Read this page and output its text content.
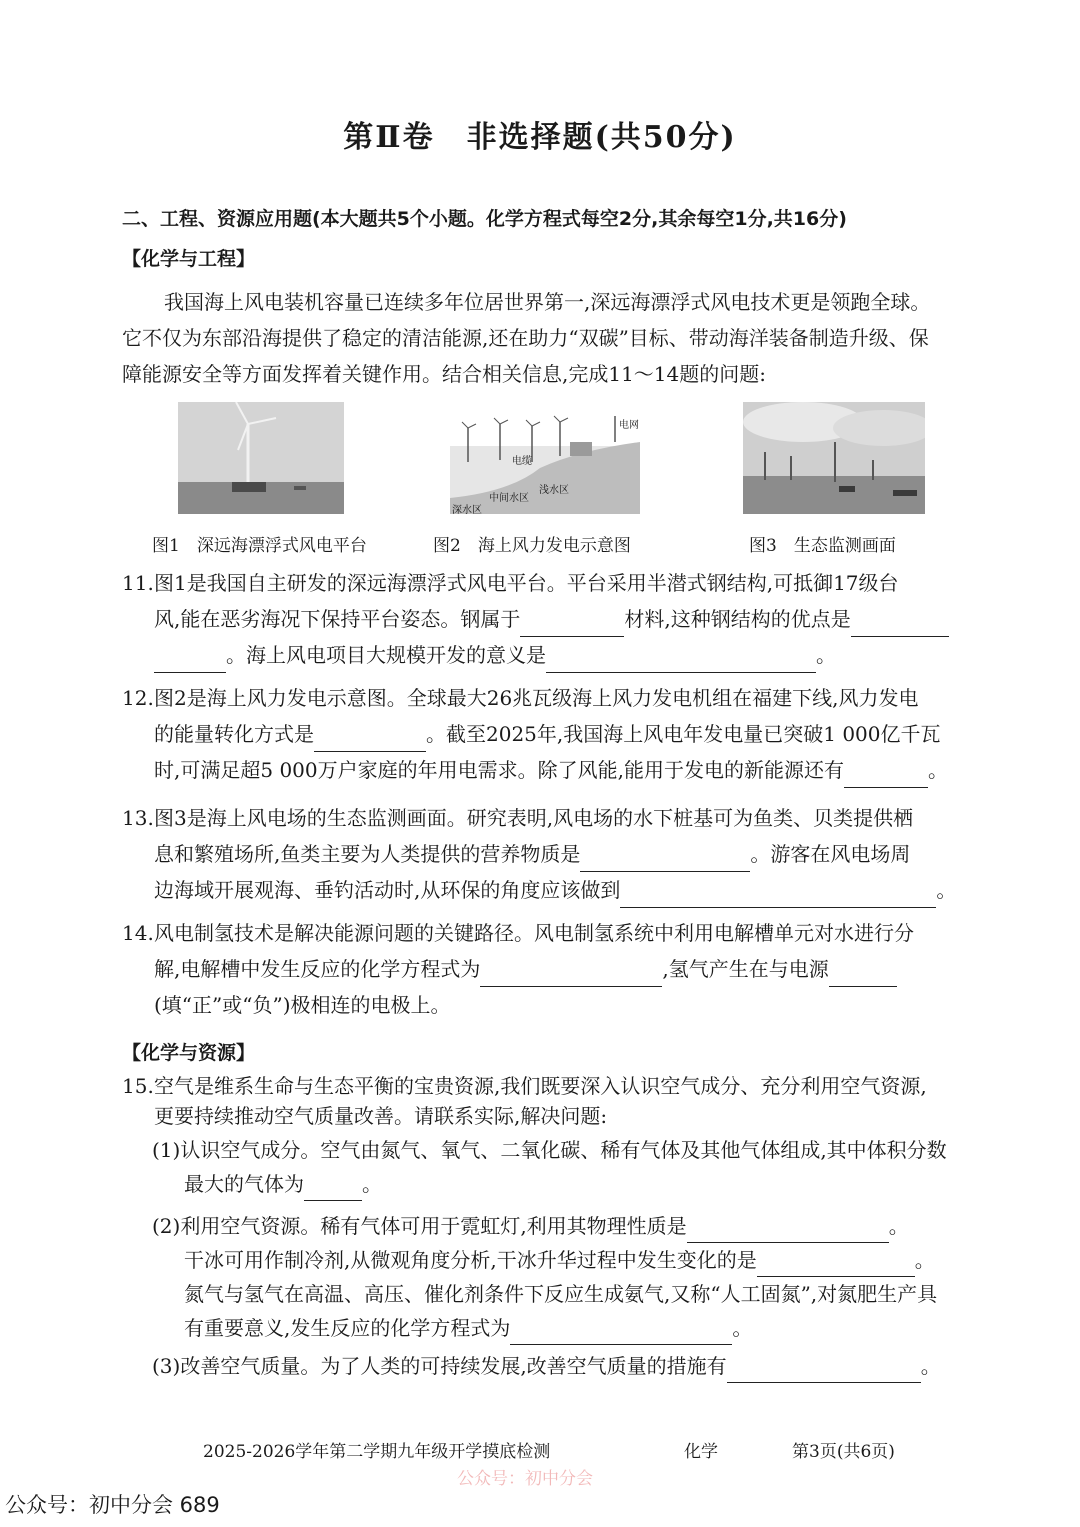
第Ⅱ卷　非选择题(共50分)
二、工程、资源应用题(本大题共5个小题。化学方程式每空2分,其余每空1分,共16分)
【化学与工程】
我国海上风电装机容量已连续多年位居世界第一,深远海漂浮式风电技术更是领跑全球。
它不仅为东部沿海提供了稳定的清洁能源,还在助力“双碳”目标、带动海洋装备制造升级、保
障能源安全等方面发挥着关键作用。结合相关信息,完成11～14题的问题:
电网
电缆
浅水区
中间水区
深水区
图1　深远海漂浮式风电平台	图2　海上风力发电示意图	图3　生态监测画面
11.图1是我国自主研发的深远海漂浮式风电平台。平台采用半潜式钢结构,可抵御17级台
风,能在恶劣海况下保持平台姿态。钢属于	材料,这种钢结构的优点是
。海上风电项目大规模开发的意义是	。
12.图2是海上风力发电示意图。全球最大26兆瓦级海上风力发电机组在福建下线,风力发电
的能量转化方式是	。截至2025年,我国海上风电年发电量已突破1 000亿千瓦
时,可满足超5 000万户家庭的年用电需求。除了风能,能用于发电的新能源还有	。
13.图3是海上风电场的生态监测画面。研究表明,风电场的水下桩基可为鱼类、贝类提供栖
息和繁殖场所,鱼类主要为人类提供的营养物质是	。游客在风电场周
边海域开展观海、垂钓活动时,从环保的角度应该做到	。
14.风电制氢技术是解决能源问题的关键路径。风电制氢系统中利用电解槽单元对水进行分
解,电解槽中发生反应的化学方程式为	,氢气产生在与电源
(填“正”或“负”)极相连的电极上。
【化学与资源】
15.空气是维系生命与生态平衡的宝贵资源,我们既要深入认识空气成分、充分利用空气资源,
更要持续推动空气质量改善。请联系实际,解决问题:
(1)认识空气成分。空气由氮气、氧气、二氧化碳、稀有气体及其他气体组成,其中体积分数
最大的气体为	。
(2)利用空气资源。稀有气体可用于霓虹灯,利用其物理性质是	。
干冰可用作制冷剂,从微观角度分析,干冰升华过程中发生变化的是	。
氮气与氢气在高温、高压、催化剂条件下反应生成氨气,又称“人工固氮”,对氮肥生产具
有重要意义,发生反应的化学方程式为	。
(3)改善空气质量。为了人类的可持续发展,改善空气质量的措施有	。
2025-2026学年第二学期九年级开学摸底检测	化学	第3页(共6页)
公众号：初中分会
公众号：初中分会 689
